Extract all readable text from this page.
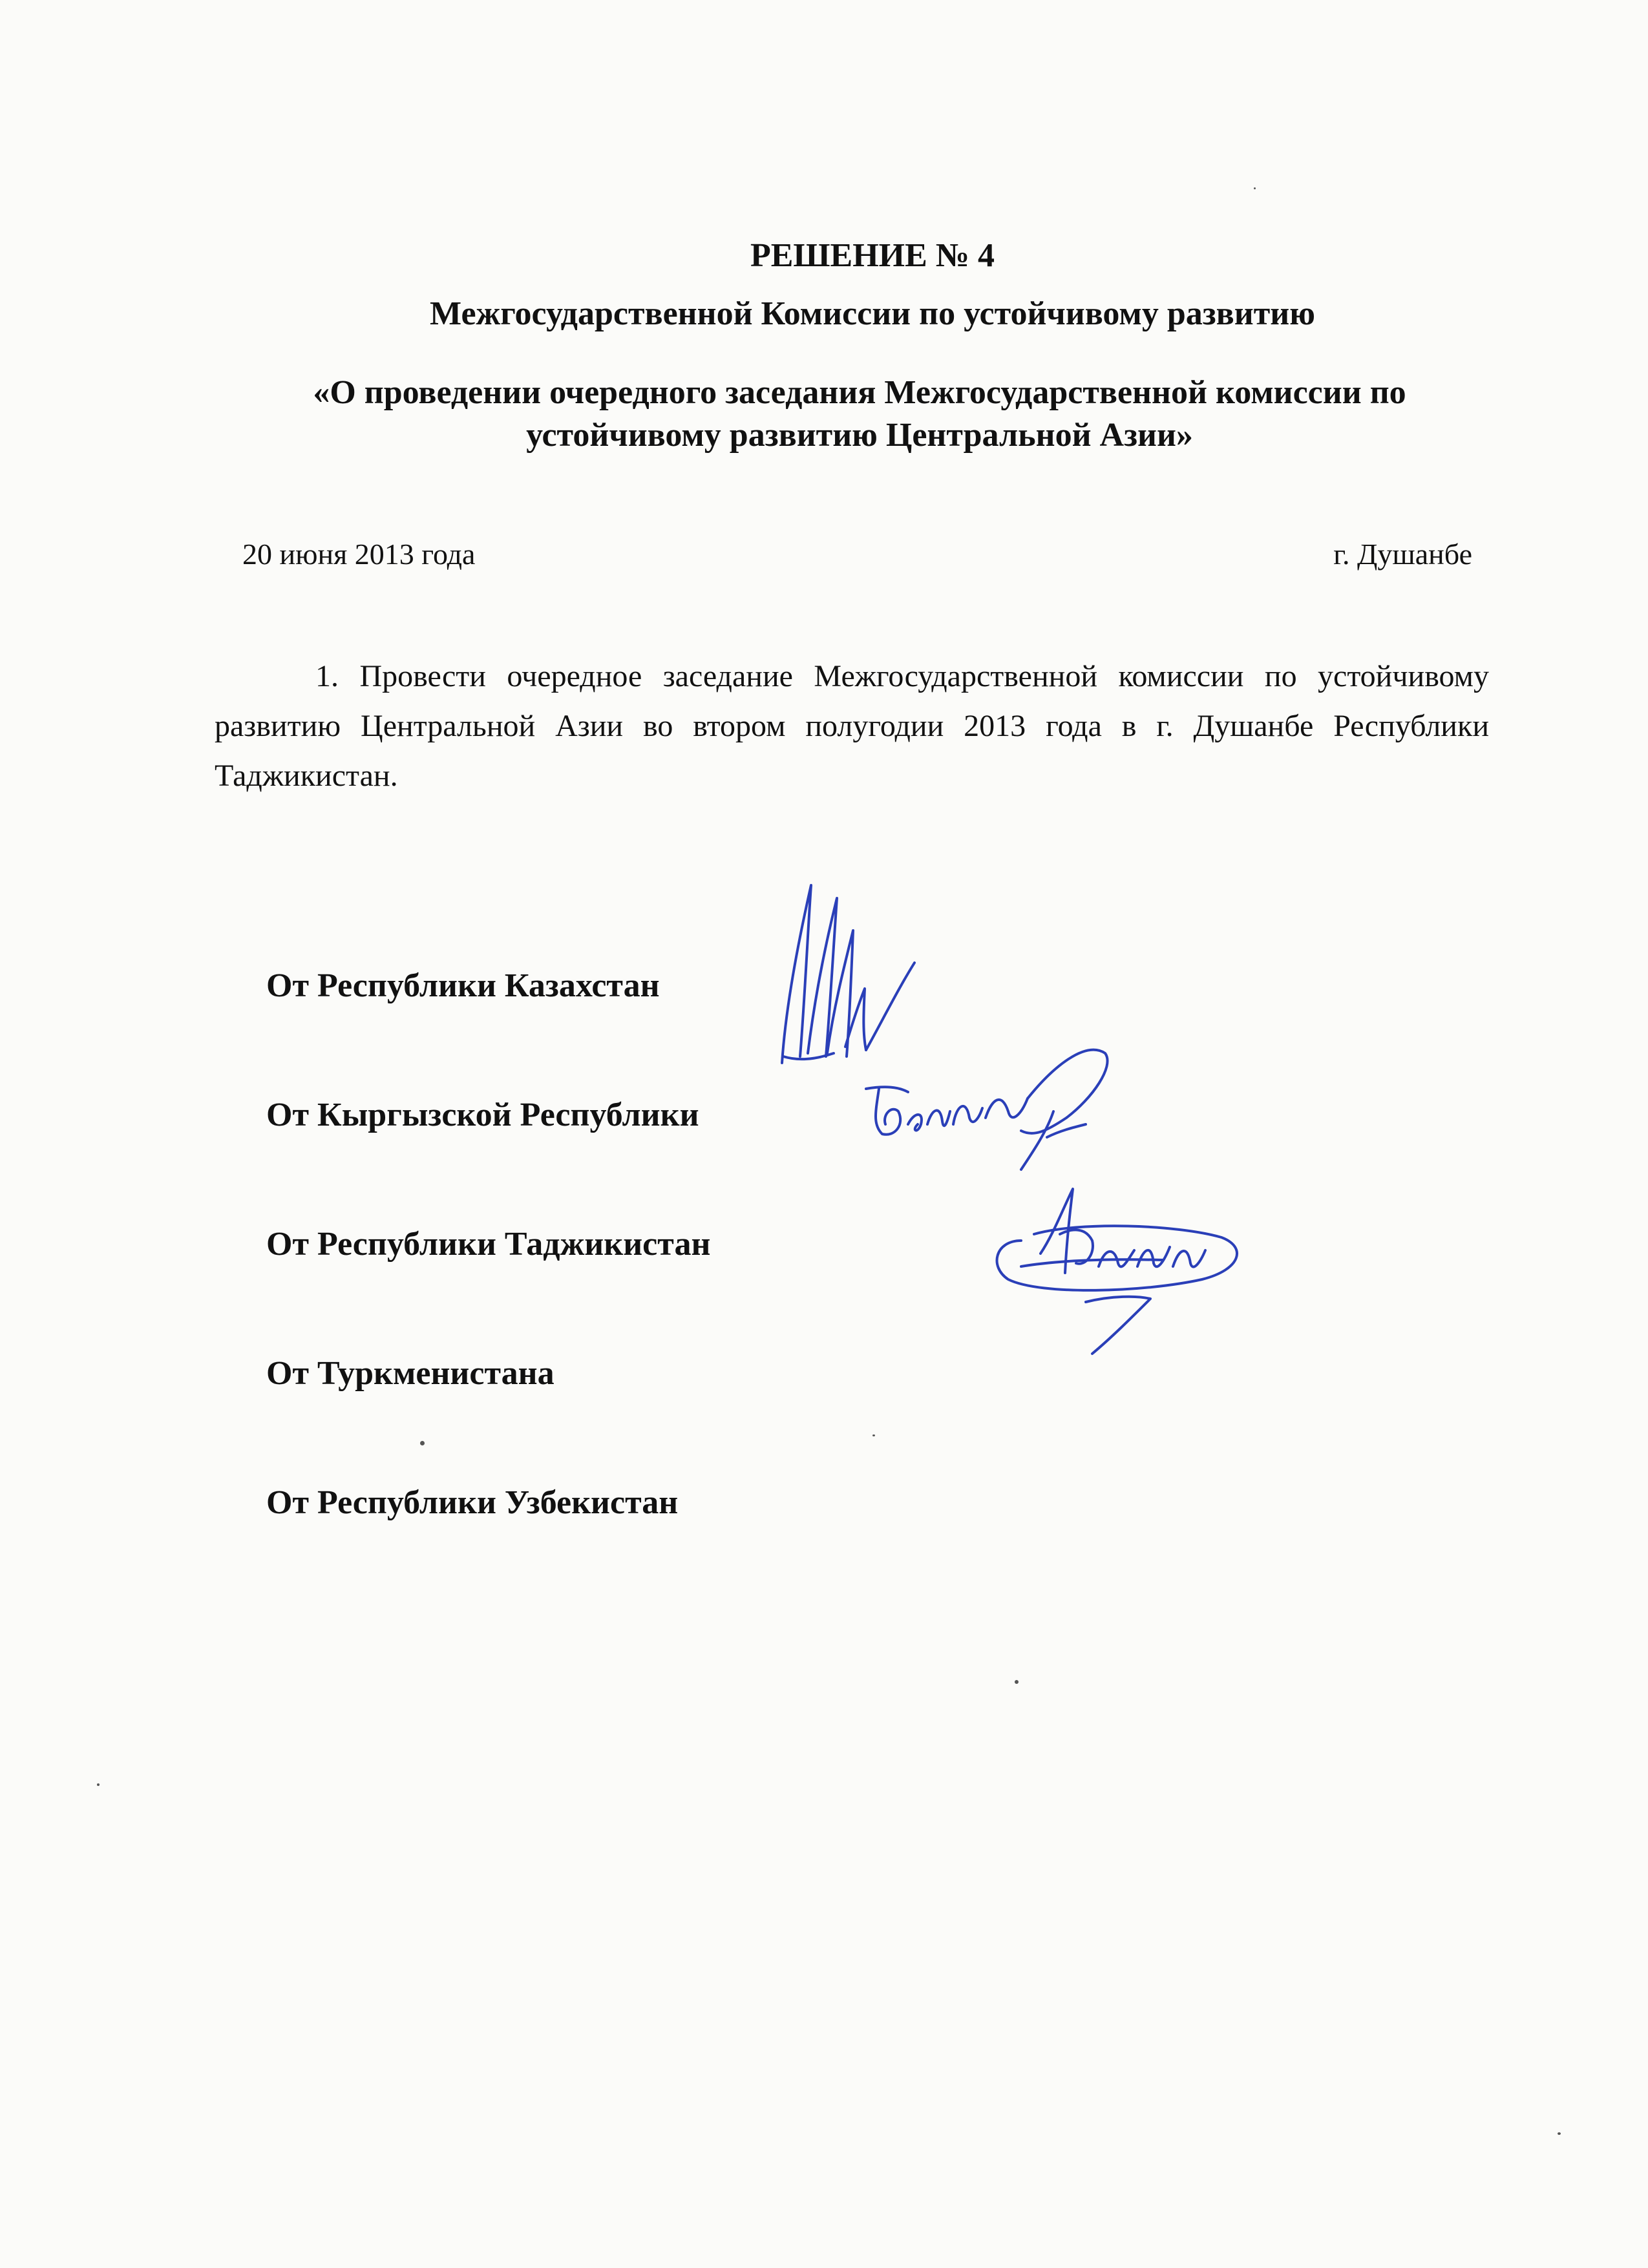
РЕШЕНИЕ № 4

Межгосударственной Комиссии по устойчивому развитию

«О проведении очередного заседания Межгосударственной комиссии по устойчивому развитию Центральной Азии»

20 июня 2013 года	г. Душанбе

1. Провести очередное заседание Межгосударственной комиссии по устойчивому развитию Центральной Азии во втором полугодии 2013 года в г. Душанбе Республики Таджикистан.

От Республики Казахстан

От Кыргызской Республики

От Республики Таджикистан

От Туркменистана

От Республики Узбекистан
